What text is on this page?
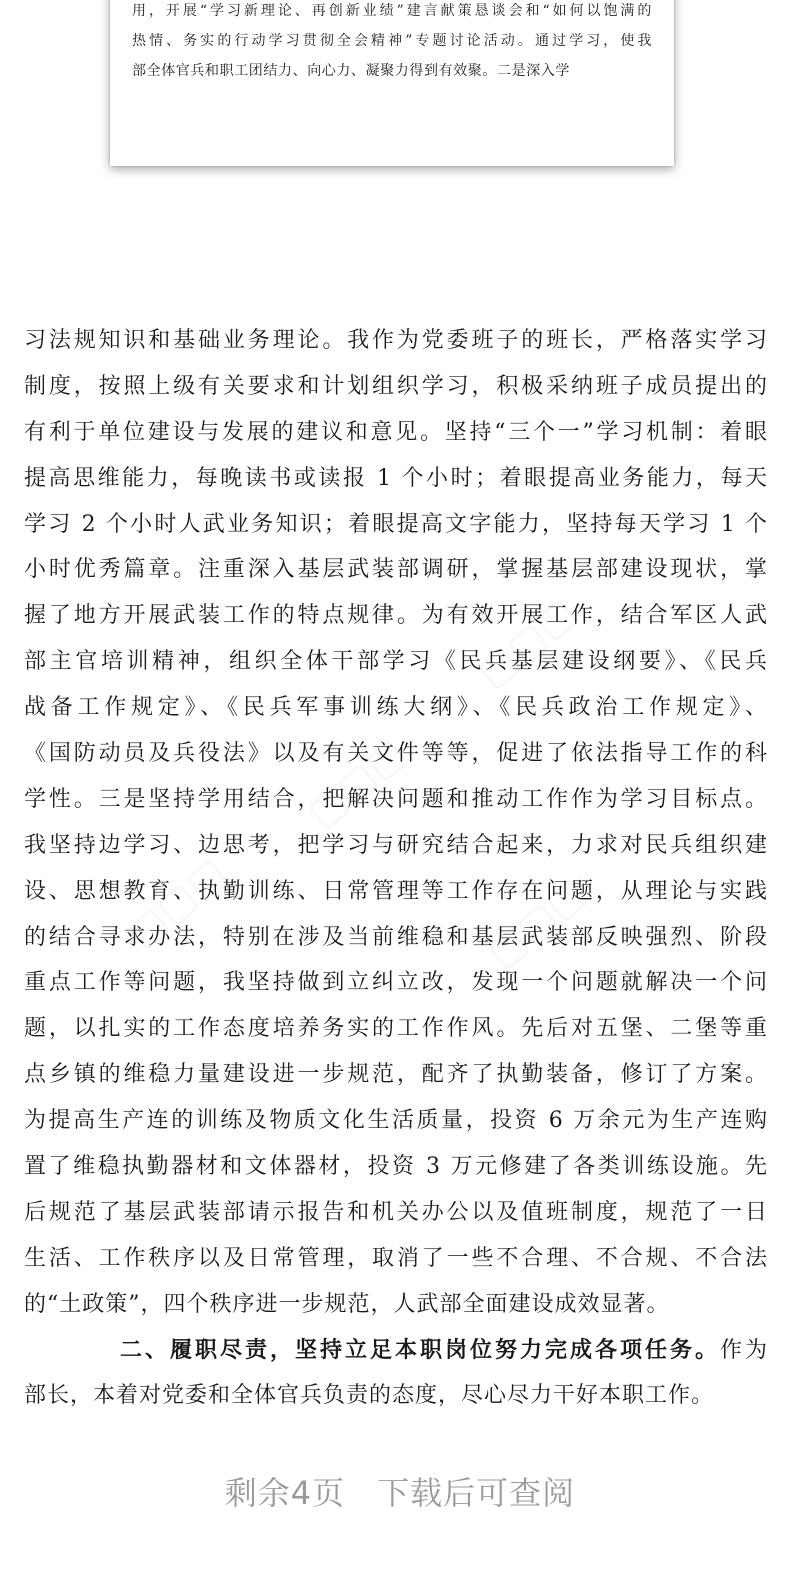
用，开展“学习新理论、再创新业绩”建言献策恳谈会和“如何以饱满的
热情、务实的行动学习贯彻全会精神”专题讨论活动。通过学习，使我
部全体官兵和职工团结力、向心力、凝聚力得到有效聚。二是深入学
习法规知识和基础业务理论。我作为党委班子的班长，严格落实学习
制度，按照上级有关要求和计划组织学习，积极采纳班子成员提出的
有利于单位建设与发展的建议和意见。坚持“三个一”学习机制：着眼
提高思维能力，每晚读书或读报 1 个小时；着眼提高业务能力，每天
学习 2 个小时人武业务知识；着眼提高文字能力，坚持每天学习 1 个
小时优秀篇章。注重深入基层武装部调研，掌握基层部建设现状，掌
握了地方开展武装工作的特点规律。为有效开展工作，结合军区人武
部主官培训精神，组织全体干部学习《民兵基层建设纲要》、《民兵
战备工作规定》、《民兵军事训练大纲》、《民兵政治工作规定》、
《国防动员及兵役法》以及有关文件等等，促进了依法指导工作的科
学性。三是坚持学用结合，把解决问题和推动工作作为学习目标点。
我坚持边学习、边思考，把学习与研究结合起来，力求对民兵组织建
设、思想教育、执勤训练、日常管理等工作存在问题，从理论与实践
的结合寻求办法，特别在涉及当前维稳和基层武装部反映强烈、阶段
重点工作等问题，我坚持做到立纠立改，发现一个问题就解决一个问
题，以扎实的工作态度培养务实的工作作风。先后对五堡、二堡等重
点乡镇的维稳力量建设进一步规范，配齐了执勤装备，修订了方案。
为提高生产连的训练及物质文化生活质量，投资 6 万余元为生产连购
置了维稳执勤器材和文体器材，投资 3 万元修建了各类训练设施。先
后规范了基层武装部请示报告和机关办公以及值班制度，规范了一日
生活、工作秩序以及日常管理，取消了一些不合理、不合规、不合法
的“土政策”，四个秩序进一步规范，人武部全面建设成效显著。
二、履职尽责，坚持立足本职岗位努力完成各项任务。作为
部长，本着对党委和全体官兵负责的态度，尽心尽力干好本职工作。
剩余4页 下载后可查阅
